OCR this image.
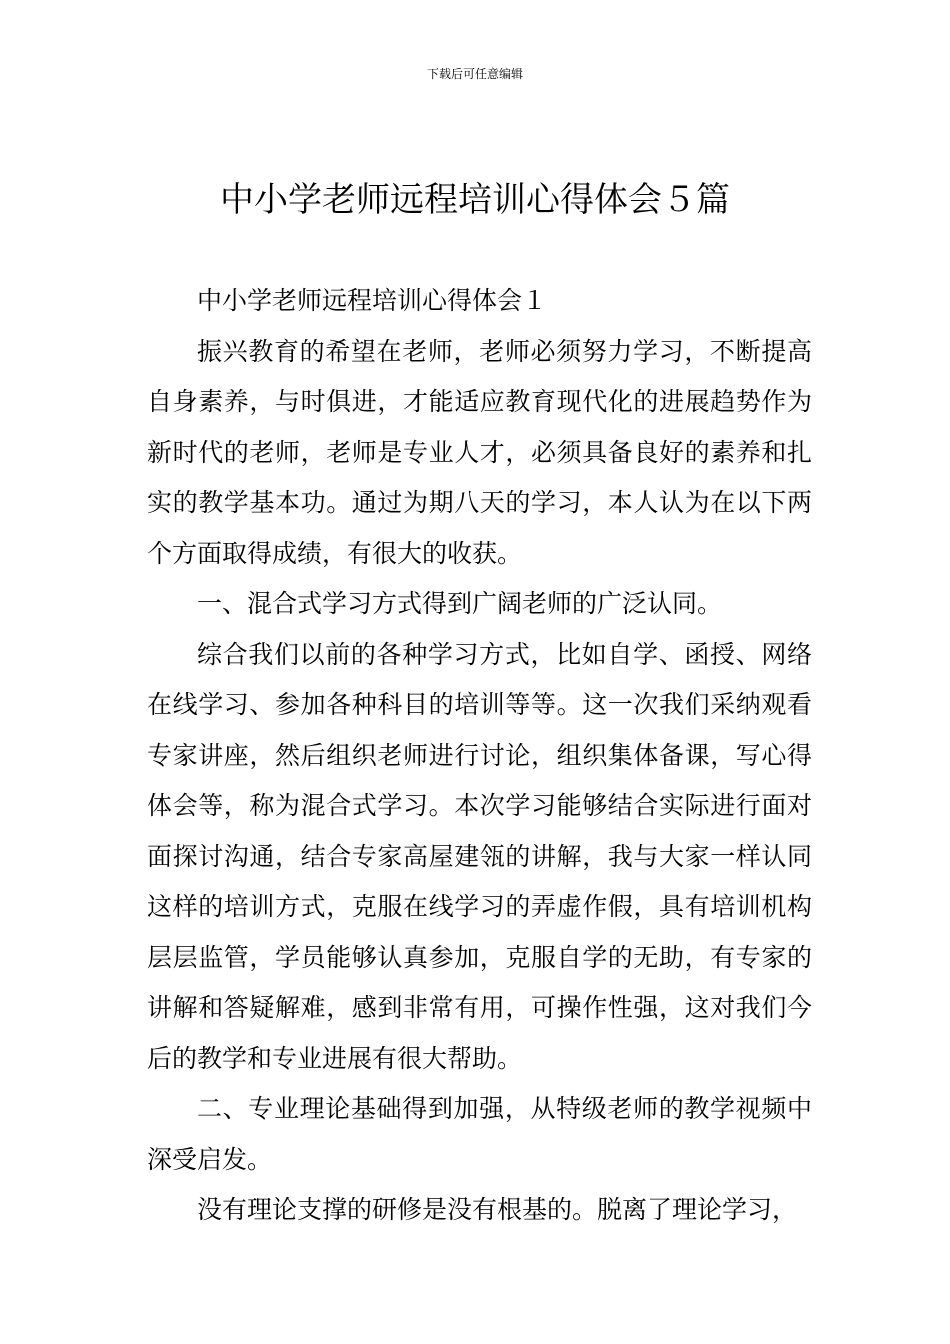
下载后可任意编辑
中小学老师远程培训心得体会５篇

中小学老师远程培训心得体会１

振兴教育的希望在老师，老师必须努力学习，不断提高自身素养，与时俱进，才能适应教育现代化的进展趋势作为新时代的老师，老师是专业人才，必须具备良好的素养和扎实的教学基本功。通过为期八天的学习，本人认为在以下两个方面取得成绩，有很大的收获。

一、混合式学习方式得到广阔老师的广泛认同。

综合我们以前的各种学习方式，比如自学、函授、网络在线学习、参加各种科目的培训等等。这一次我们采纳观看专家讲座，然后组织老师进行讨论，组织集体备课，写心得体会等，称为混合式学习。本次学习能够结合实际进行面对面探讨沟通，结合专家高屋建瓴的讲解，我与大家一样认同这样的培训方式，克服在线学习的弄虚作假，具有培训机构层层监管，学员能够认真参加，克服自学的无助，有专家的讲解和答疑解难，感到非常有用，可操作性强，这对我们今后的教学和专业进展有很大帮助。

二、专业理论基础得到加强，从特级老师的教学视频中深受启发。

没有理论支撑的研修是没有根基的。脱离了理论学习，
